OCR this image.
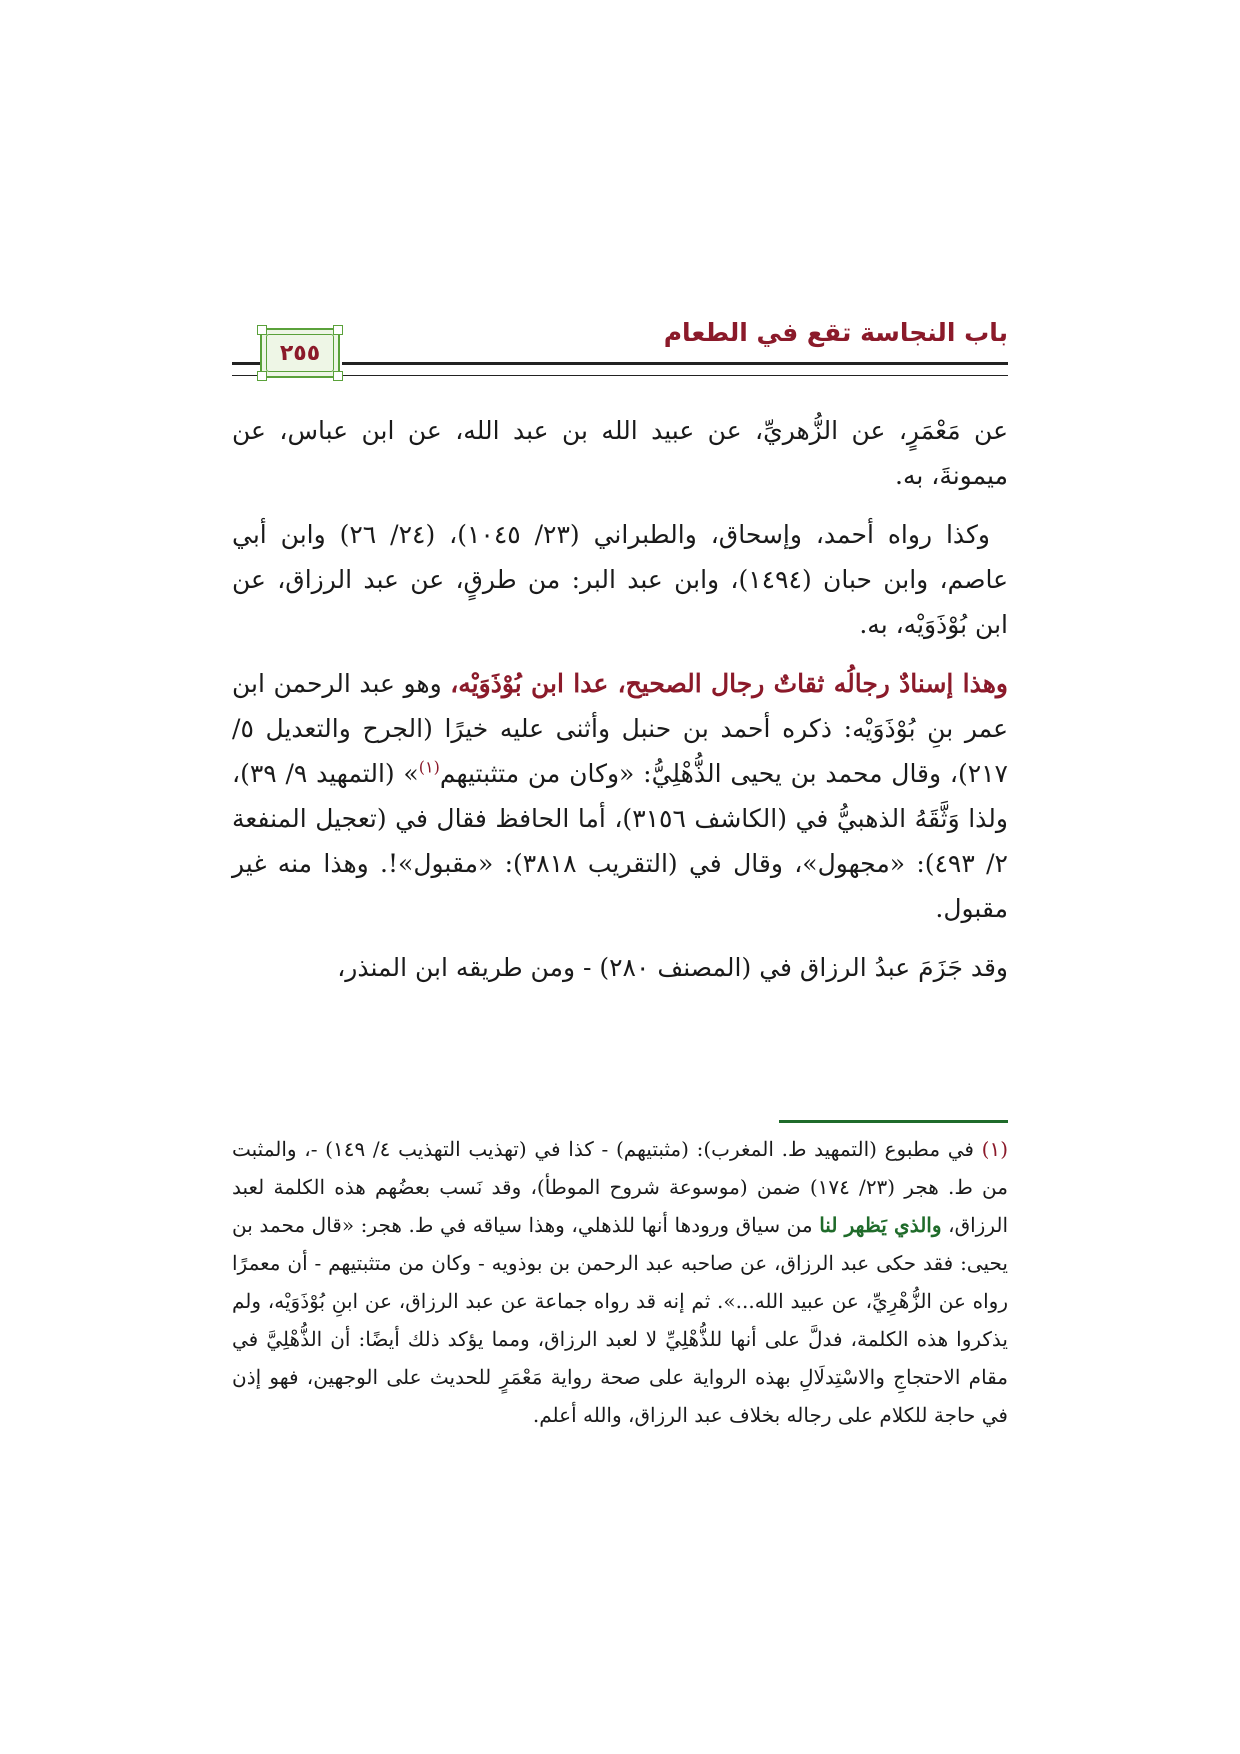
باب النجاسة تقع في الطعام
٢٥٥

عن مَعْمَرٍ، عن الزُّهريِّ، عن عبيد الله بن عبد الله، عن ابن عباس، عن ميمونةَ، به.

وكذا رواه أحمد، وإسحاق، والطبراني (٢٣/ ١٠٤٥)، (٢٤/ ٢٦) وابن أبي عاصم، وابن حبان (١٤٩٤)، وابن عبد البر: من طرقٍ، عن عبد الرزاق، عن ابن بُوْذَوَيْه، به.

وهذا إسنادٌ رجالُه ثقاتٌ رجال الصحيح، عدا ابن بُوْذَوَيْه، وهو عبد الرحمن ابن عمر بنِ بُوْذَوَيْه: ذكره أحمد بن حنبل وأثنى عليه خيرًا (الجرح والتعديل ٥/ ٢١٧)، وقال محمد بن يحيى الذُّهْلِيُّ: «وكان من متثبتيهم$^{(١)}$» (التمهيد ٩/ ٣٩)، ولذا وَثَّقَهُ الذهبيُّ في (الكاشف ٣١٥٦)، أما الحافظ فقال في (تعجيل المنفعة ٢/ ٤٩٣): «مجهول»، وقال في (التقريب ٣٨١٨): «مقبول»!. وهذا منه غير مقبول.

وقد جَزَمَ عبدُ الرزاق في (المصنف ٢٨٠) - ومن طريقه ابن المنذر،

(١) في مطبوع (التمهيد ط. المغرب): (مثبتيهم) - كذا في (تهذيب التهذيب ٤/ ١٤٩) -، والمثبت من ط. هجر (٢٣/ ١٧٤) ضمن (موسوعة شروح الموطأ)، وقد نَسب بعضُهم هذه الكلمة لعبد الرزاق، والذي يَظهر لنا من سياق ورودها أنها للذهلي، وهذا سياقه في ط. هجر: «قال محمد بن يحيى: فقد حكى عبد الرزاق، عن صاحبه عبد الرحمن بن بوذويه - وكان من متثبتيهم - أن معمرًا رواه عن الزُّهْرِيِّ، عن عبيد الله...». ثم إنه قد رواه جماعة عن عبد الرزاق، عن ابنِ بُوْذَوَيْه، ولم يذكروا هذه الكلمة، فدلَّ على أنها للذُّهْلِيِّ لا لعبد الرزاق، ومما يؤكد ذلك أيضًا: أن الذُّهْلِيَّ في مقام الاحتجاجِ والاسْتِدلَالِ بهذه الرواية على صحة رواية مَعْمَرٍ للحديث على الوجهين، فهو إذن في حاجة للكلام على رجاله بخلاف عبد الرزاق، والله أعلم.
